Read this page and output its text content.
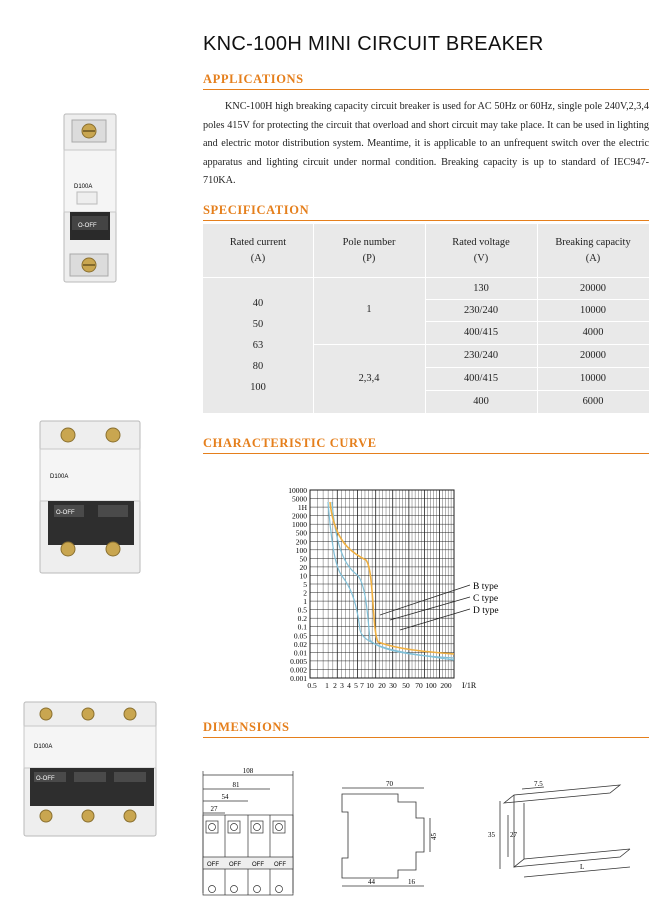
KNC-100H MINI CIRCUIT BREAKER
APPLICATIONS
KNC-100H high breaking capacity circuit breaker is used for AC 50Hz or 60Hz, single pole 240V,2,3,4 poles 415V for protecting the circuit that overload and short circuit may take place. It can be used in lighting and electric motor distribution system. Meantime, it is applicable to an unfrequent switch over the electric apparatus and lighting circuit under normal condition. Breaking capacity is up to standard of IEC947-710KA.
SPECIFICATION
Rated current
(A)
Pole number
(P)
Rated voltage
(V)
Breaking capacity
(A)
40
50
63
80
100
1
2,3,4
130
230/240
400/415
230/240
400/415
400
20000
10000
4000
20000
10000
6000
D100A
O-OFF
D100A
O-OFF
D100A
O-OFF
CHARACTERISTIC CURVE
10000
5000
1H
2000
1000
500
200
100
50
20
10
5
2
1
0.5
0.2
0.1
0.05
0.02
0.01
0.005
0.002
0.001
0.5 1 2 3 4 5 7 10 20 30 50 70 100 200
B type
C type
D type
I/1R
DIMENSIONS
108
81
54
27
OFF OFF OFF OFF
70
45
44	16
7.5
35 27
L
